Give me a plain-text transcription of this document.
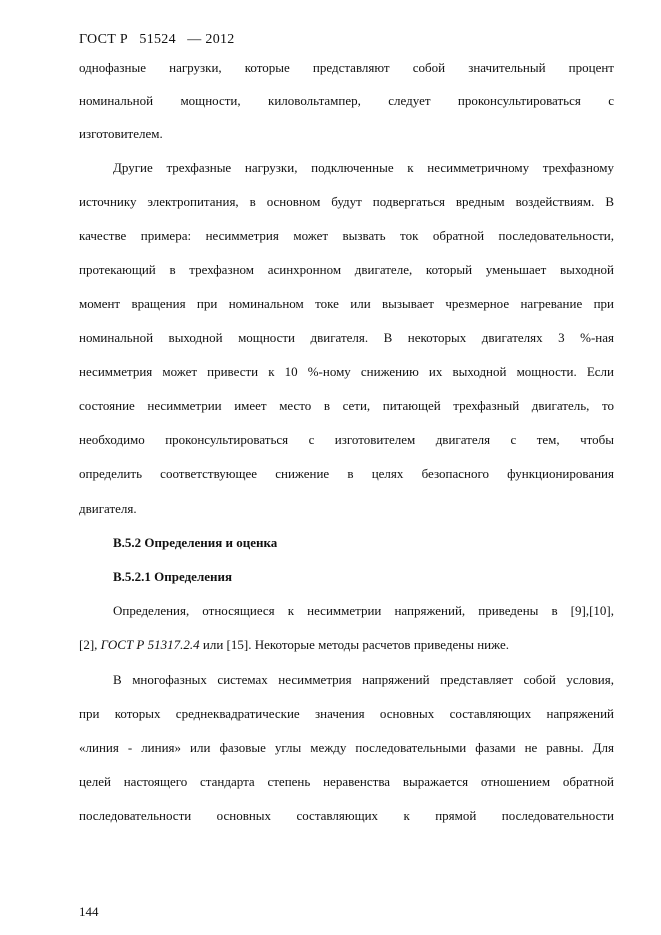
ГОСТ Р   51524   — 2012
однофазные нагрузки, которые представляют собой значительный процент
номинальной мощности, киловольтампер, следует проконсультироваться с
изготовителем.
Другие трехфазные нагрузки, подключенные к несимметричному трехфазному
источнику электропитания, в основном будут подвергаться вредным воздействиям. В
качестве примера: несимметрия может вызвать ток обратной последовательности,
протекающий в трехфазном асинхронном двигателе, который уменьшает выходной
момент вращения при номинальном токе или вызывает чрезмерное нагревание при
номинальной выходной мощности двигателя. В некоторых двигателях 3 %-ная
несимметрия может привести к 10 %-ному снижению их выходной мощности. Если
состояние несимметрии имеет место в сети, питающей трехфазный двигатель, то
необходимо проконсультироваться с изготовителем двигателя с тем, чтобы
определить соответствующее снижение в целях безопасного функционирования
двигателя.
B.5.2 Определения и оценка
B.5.2.1 Определения
Определения, относящиеся к несимметрии напряжений, приведены в [9],[10],
[2], ГОСТ Р 51317.2.4 или [15]. Некоторые методы расчетов приведены ниже.
В многофазных системах несимметрия напряжений представляет собой условия,
при которых среднеквадратические значения основных составляющих напряжений
«линия - линия» или фазовые углы между последовательными фазами не равны. Для
целей настоящего стандарта степень неравенства выражается отношением обратной
последовательности основных составляющих к прямой последовательности
144
